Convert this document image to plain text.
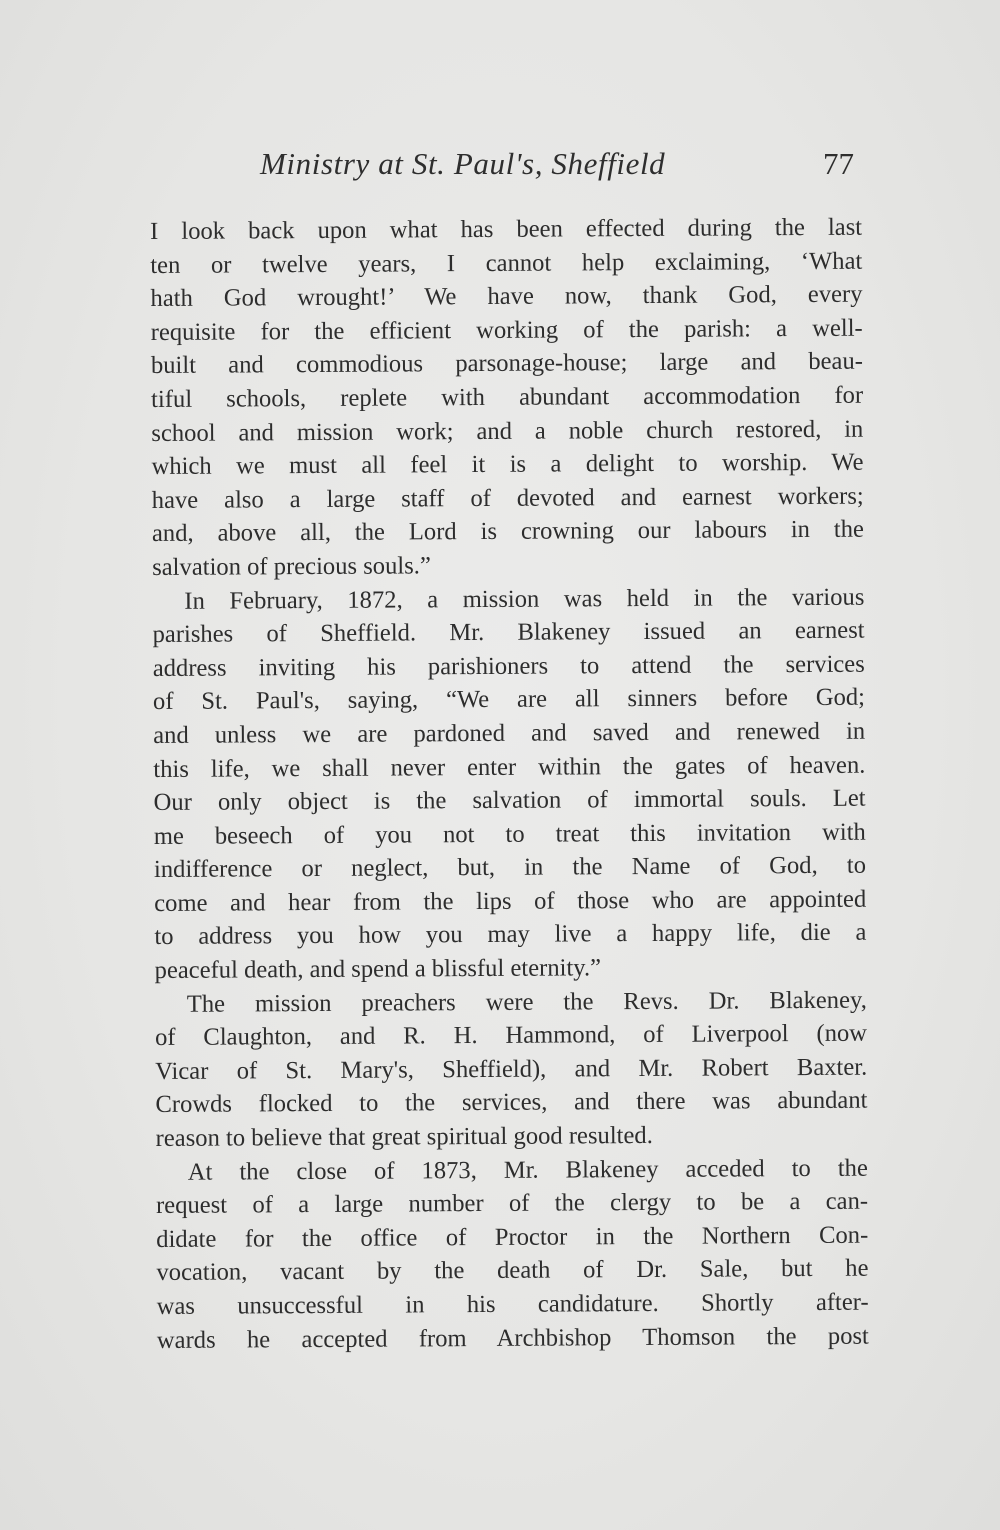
Ministry at St. Paul's, Sheffield	77
I look back upon what has been effected during the last
ten or twelve years, I cannot help exclaiming, ‘What
hath God wrought!’ We have now, thank God, every
requisite for the efficient working of the parish: a well-
built and commodious parsonage-house; large and beau-
tiful schools, replete with abundant accommodation for
school and mission work; and a noble church restored, in
which we must all feel it is a delight to worship. We
have also a large staff of devoted and earnest workers;
and, above all, the Lord is crowning our labours in the
salvation of precious souls.”
In February, 1872, a mission was held in the various
parishes of Sheffield. Mr. Blakeney issued an earnest
address inviting his parishioners to attend the services
of St. Paul's, saying, “We are all sinners before God;
and unless we are pardoned and saved and renewed in
this life, we shall never enter within the gates of heaven.
Our only object is the salvation of immortal souls. Let
me beseech of you not to treat this invitation with
indifference or neglect, but, in the Name of God, to
come and hear from the lips of those who are appointed
to address you how you may live a happy life, die a
peaceful death, and spend a blissful eternity.”
The mission preachers were the Revs. Dr. Blakeney,
of Claughton, and R. H. Hammond, of Liverpool (now
Vicar of St. Mary's, Sheffield), and Mr. Robert Baxter.
Crowds flocked to the services, and there was abundant
reason to believe that great spiritual good resulted.
At the close of 1873, Mr. Blakeney acceded to the
request of a large number of the clergy to be a can-
didate for the office of Proctor in the Northern Con-
vocation, vacant by the death of Dr. Sale, but he
was unsuccessful in his candidature. Shortly after-
wards he accepted from Archbishop Thomson the post
